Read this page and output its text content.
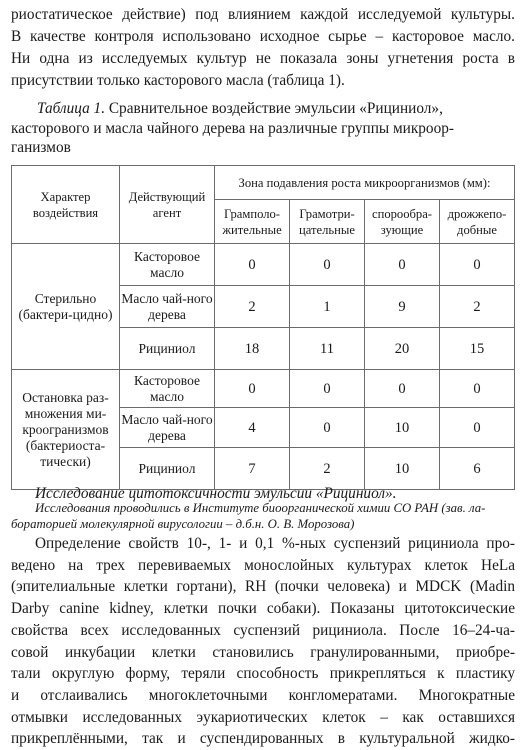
риостатическое действие) под влиянием каждой исследуемой культуры.
В качестве контроля использовано исходное сырье – касторовое масло.
Ни одна из исследуемых культур не показала зоны угнетения роста в
присутствии только касторового масла (таблица 1).
Таблица 1. Сравнительное воздействие эмульсии «Рициниол»,
касторового и масла чайного дерева на различные группы микроор-
ганизмов
Характер воздействия	Действующий агент	Зона подавления роста микроорганизмов (мм):			
		Грамполо-жительные	Грамотри-цательные	спорообра-зующие	дрожжепо-добные
Стерильно (бактери-цидно)	Касторовое масло	0	0	0	0
	Масло чай-ного дерева	2	1	9	2
	Рициниол	18	11	20	15
Остановка раз-множения ми-кроогранизмов (бактериоста-тически)	Касторовое масло	0	0	0	0
	Масло чай-ного дерева	4	0	10	0
	Рициниол	7	2	10	6
Исследование цитотоксичности эмульсии «Рициниол».
Исследования проводились в Институте биоорганической химии СО РАН (зав. ла-
бораторией молекулярной вирусологии – д.б.н. О. В. Морозова)
Определение свойств 10-, 1- и 0,1 %-ных суспензий рициниола про-
ведено на трех перевиваемых монослойных культурах клеток HeLa
(эпителиальные клетки гортани), RH (почки человека) и MDCK (Madin
Darby canine kidney, клетки почки собаки). Показаны цитотоксические
свойства всех исследованных суспензий рициниола. После 16–24-ча-
совой инкубации клетки становились гранулированными, приобре-
тали округлую форму, теряли способность прикрепляться к пластику
и отслаивались многоклеточными конгломератами. Многократные
отмывки исследованных эукариотических клеток – как оставшихся
прикреплёнными, так и суспендированных в культуральной жидко-
